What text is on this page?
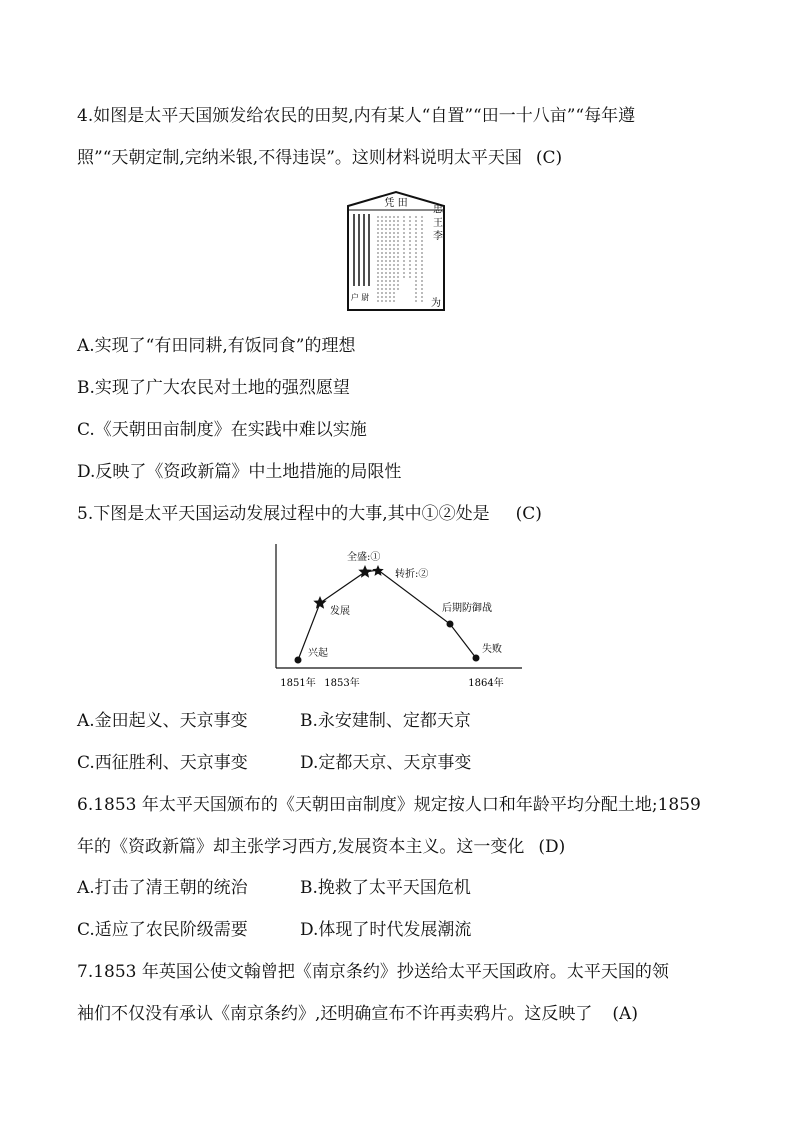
4.如图是太平天国颁发给农民的田契,内有某人“自置”“田一十八亩”“每年遵
照”“天朝定制,完纳米银,不得违误”。这则材料说明太平天国 (C)
凭 田
户 尉
忠 王 李
为
A.实现了“有田同耕,有饭同食”的理想
B.实现了广大农民对土地的强烈愿望
C.《天朝田亩制度》在实践中难以实施
D.反映了《资政新篇》中土地措施的局限性
5.下图是太平天国运动发展过程中的大事,其中①②处是 (C)
兴起
发展
全盛:①
转折:②
后期防御战
失败
1851年 1853年	1864年
A.金田起义、天京事变	B.永安建制、定都天京
C.西征胜利、天京事变	D.定都天京、天京事变
6.1853 年太平天国颁布的《天朝田亩制度》规定按人口和年龄平均分配土地;1859
年的《资政新篇》却主张学习西方,发展资本主义。这一变化 (D)
A.打击了清王朝的统治	B.挽救了太平天国危机
C.适应了农民阶级需要	D.体现了时代发展潮流
7.1853 年英国公使文翰曾把《南京条约》抄送给太平天国政府。太平天国的领
袖们不仅没有承认《南京条约》,还明确宣布不许再卖鸦片。这反映了 (A)
